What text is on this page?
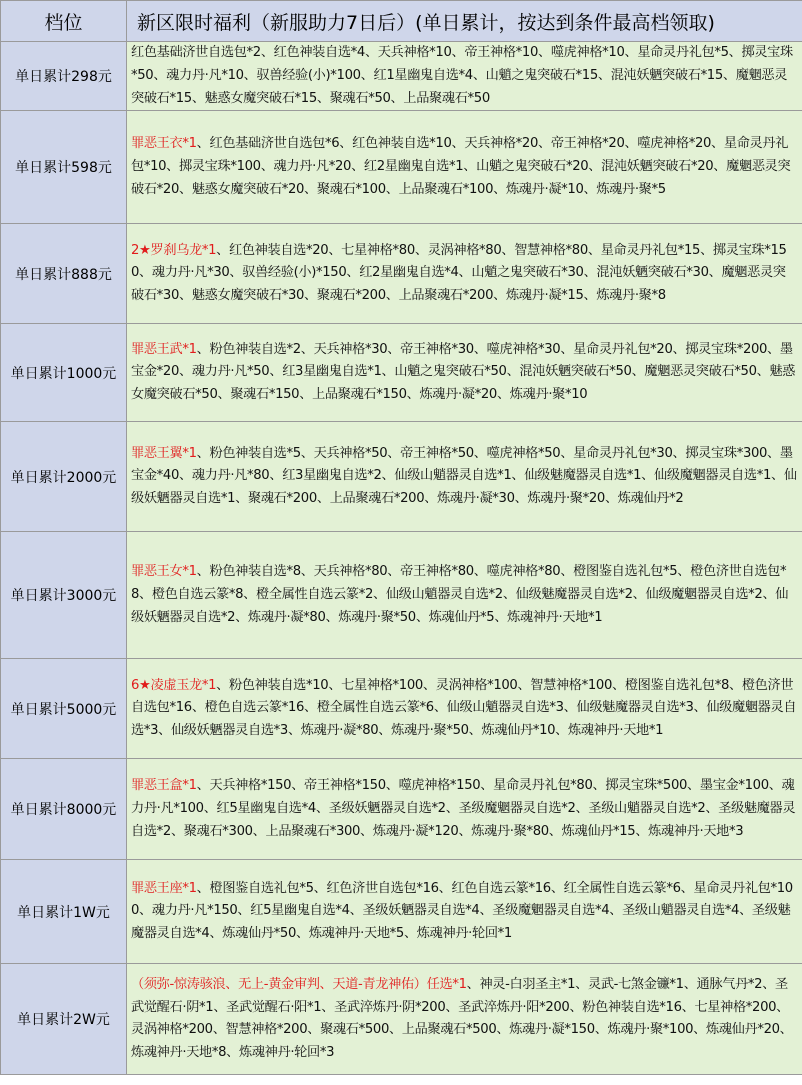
档位	新区限时福利（新服助力7日后）(单日累计，按达到条件最高档领取)
单日累计298元	红色基础济世自选包*2、红色神装自选*4、天兵神格*10、帝王神格*10、噬虎神格*10、星命灵丹礼包*5、掷灵宝珠*50、魂力丹·凡*10、驭兽经验(小)*100、红1星幽鬼自选*4、山魈之鬼突破石*15、混沌妖魉突破石*15、魔魍恶灵突破石*15、魅惑女魔突破石*15、聚魂石*50、上品聚魂石*50
单日累计598元	罪恶王衣*1、红色基础济世自选包*6、红色神装自选*10、天兵神格*20、帝王神格*20、噬虎神格*20、星命灵丹礼包*10、掷灵宝珠*100、魂力丹·凡*20、红2星幽鬼自选*1、山魈之鬼突破石*20、混沌妖魉突破石*20、魔魍恶灵突破石*20、魅惑女魔突破石*20、聚魂石*100、上品聚魂石*100、炼魂丹·凝*10、炼魂丹·聚*5
单日累计888元	2★罗刹乌龙*1、红色神装自选*20、七星神格*80、灵涡神格*80、智慧神格*80、星命灵丹礼包*15、掷灵宝珠*150、魂力丹·凡*30、驭兽经验(小)*150、红2星幽鬼自选*4、山魈之鬼突破石*30、混沌妖魉突破石*30、魔魍恶灵突破石*30、魅惑女魔突破石*30、聚魂石*200、上品聚魂石*200、炼魂丹·凝*15、炼魂丹·聚*8
单日累计1000元	罪恶王武*1、粉色神装自选*2、天兵神格*30、帝王神格*30、噬虎神格*30、星命灵丹礼包*20、掷灵宝珠*200、墨宝金*20、魂力丹·凡*50、红3星幽鬼自选*1、山魈之鬼突破石*50、混沌妖魉突破石*50、魔魍恶灵突破石*50、魅惑女魔突破石*50、聚魂石*150、上品聚魂石*150、炼魂丹·凝*20、炼魂丹·聚*10
单日累计2000元	罪恶王翼*1、粉色神装自选*5、天兵神格*50、帝王神格*50、噬虎神格*50、星命灵丹礼包*30、掷灵宝珠*300、墨宝金*40、魂力丹·凡*80、红3星幽鬼自选*2、仙级山魈器灵自选*1、仙级魅魔器灵自选*1、仙级魔魍器灵自选*1、仙级妖魉器灵自选*1、聚魂石*200、上品聚魂石*200、炼魂丹·凝*30、炼魂丹·聚*20、炼魂仙丹*2
单日累计3000元	罪恶王女*1、粉色神装自选*8、天兵神格*80、帝王神格*80、噬虎神格*80、橙图鉴自选礼包*5、橙色济世自选包*8、橙色自选云篆*8、橙全属性自选云篆*2、仙级山魈器灵自选*2、仙级魅魔器灵自选*2、仙级魔魍器灵自选*2、仙级妖魉器灵自选*2、炼魂丹·凝*80、炼魂丹·聚*50、炼魂仙丹*5、炼魂神丹·天地*1
单日累计5000元	6★凌虚玉龙*1、粉色神装自选*10、七星神格*100、灵涡神格*100、智慧神格*100、橙图鉴自选礼包*8、橙色济世自选包*16、橙色自选云篆*16、橙全属性自选云篆*6、仙级山魈器灵自选*3、仙级魅魔器灵自选*3、仙级魔魍器灵自选*3、仙级妖魉器灵自选*3、炼魂丹·凝*80、炼魂丹·聚*50、炼魂仙丹*10、炼魂神丹·天地*1
单日累计8000元	罪恶王盒*1、天兵神格*150、帝王神格*150、噬虎神格*150、星命灵丹礼包*80、掷灵宝珠*500、墨宝金*100、魂力丹·凡*100、红5星幽鬼自选*4、圣级妖魉器灵自选*2、圣级魔魍器灵自选*2、圣级山魈器灵自选*2、圣级魅魔器灵自选*2、聚魂石*300、上品聚魂石*300、炼魂丹·凝*120、炼魂丹·聚*80、炼魂仙丹*15、炼魂神丹·天地*3
单日累计1W元	罪恶王座*1、橙图鉴自选礼包*5、红色济世自选包*16、红色自选云篆*16、红全属性自选云篆*6、星命灵丹礼包*100、魂力丹·凡*150、红5星幽鬼自选*4、圣级妖魉器灵自选*4、圣级魔魍器灵自选*4、圣级山魈器灵自选*4、圣级魅魔器灵自选*4、炼魂仙丹*50、炼魂神丹·天地*5、炼魂神丹·轮回*1
单日累计2W元	（须弥-惊涛骇浪、无上-黄金审判、天道-青龙神佑）任选*1、神灵-白羽圣主*1、灵武-七煞金镰*1、通脉气丹*2、圣武觉醒石·阴*1、圣武觉醒石·阳*1、圣武淬炼丹·阴*200、圣武淬炼丹·阳*200、粉色神装自选*16、七星神格*200、灵涡神格*200、智慧神格*200、聚魂石*500、上品聚魂石*500、炼魂丹·凝*150、炼魂丹·聚*100、炼魂仙丹*20、炼魂神丹·天地*8、炼魂神丹·轮回*3
